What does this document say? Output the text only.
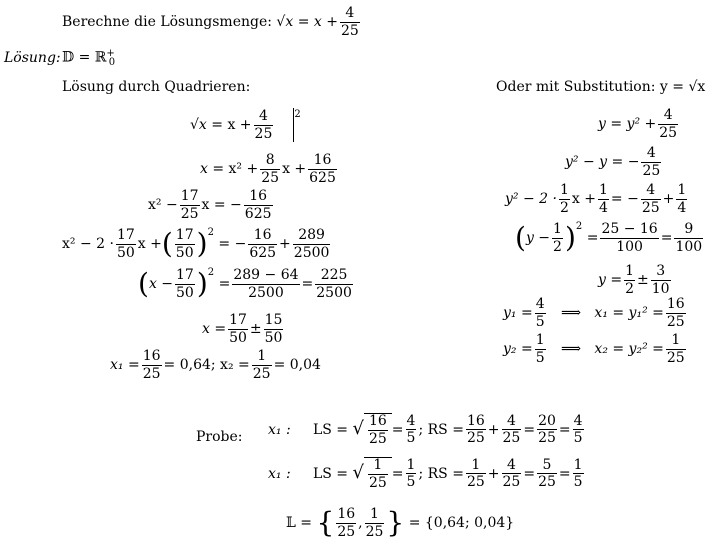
Berechne die Lösungsmenge:
$√x = x + \frac{4}{25}$
Lösung: 𝔻 = ℝ+$_0$
Lösung durch Quadrieren:	Oder mit Substitution: y = √x
√x
= $x + \frac{4}{25} ^2$
x
= $x^2 + \frac{8}{25}$ $x + \frac{16}{625}$
$x^2 - \frac{17}{25}$ x = − $\frac{16}{625}$
$x^2 - 2 \cdot \frac{17}{50}$ x + ( $\frac{17}{50} )^2$

= − $\frac{16}{625} + \frac{289}{2500}$
( $x - \frac{17}{50} )^2$

= $\frac{289 - 64}{2500} = \frac{225}{2500}$
$x = \frac{17}{50} \pm \frac{15}{50}$
$x_1 = \frac{16}{25} = 0,64$; $x_2 = \frac{1}{25} = 0,04$
$y = y^2 + \frac{4}{25}$
y² − y = − $\frac{4}{25}$
$y^2 - 2 \cdot \frac{1}{2}$ $x + \frac{1}{4}$ = − $\frac{4}{25} + \frac{1}{4}$
( $y - \frac{1}{2} )^2$

= $\frac{25 - 16}{100} = \frac{9}{100}$
$y = \frac{1}{2} \pm \frac{3}{10}$
$y_1 = \frac{4}{5}$
⟹
$x_1 = y_1^2 = \frac{16}{25}$
$y_2 = \frac{1}{5}$
⟹
$x_2 = y_2^2 = \frac{1}{25}$
Probe: x₁ :
LS =
√ $\frac{16}{25} = \frac{4}{5}$ ; RS = $\frac{16}{25} + \frac{4}{25} = \frac{20}{25} = \frac{4}{5}$
x₁ :
LS =
√ $\frac{1}{25} = \frac{1}{5}$ ; RS = $\frac{1}{25} + \frac{4}{25} = \frac{5}{25} = \frac{1}{5}$
𝕃 =
{ $\frac{16}{25}$ , $\frac{1}{25}$ }
= {0,64; 0,04}
